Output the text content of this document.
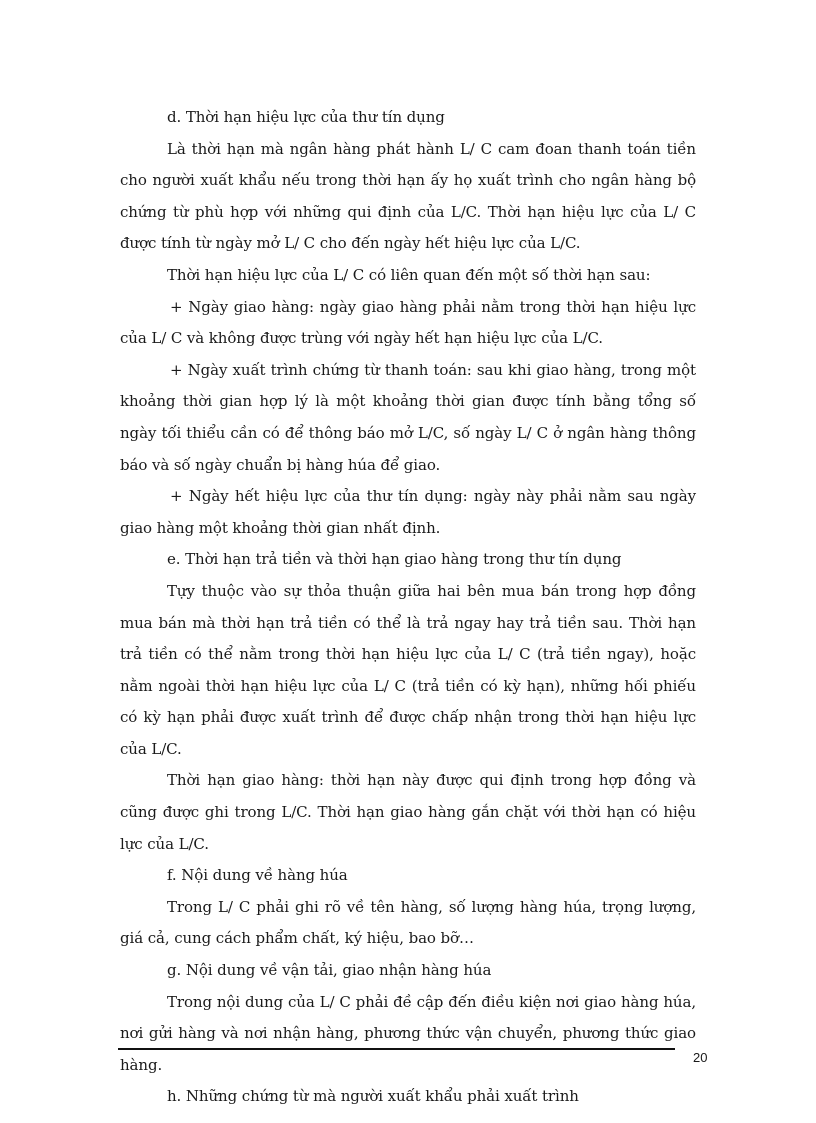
d. Thời hạn hiệu lực của thư tín dụng

Là thời hạn mà ngân hàng phát hành L/ C cam đoan thanh toán tiền cho người xuất khẩu nếu trong thời hạn ấy họ xuất trình cho ngân hàng bộ chứng từ phù hợp với những qui định của L/C. Thời hạn hiệu lực của L/ C được tính từ ngày mở L/ C cho đến ngày hết hiệu lực của L/C.

Thời hạn hiệu lực của L/ C có liên quan đến một số thời hạn sau:

+ Ngày giao hàng: ngày giao hàng phải nằm trong thời hạn hiệu lực của L/ C và không được trùng với ngày hết hạn hiệu lực của L/C.

+ Ngày xuất trình chứng từ thanh toán: sau khi giao hàng, trong một khoảng thời gian hợp lý là một khoảng thời gian được tính bằng tổng số ngày tối thiểu cần có để thông báo mở L/C, số ngày L/ C ở ngân hàng thông báo và số ngày chuẩn bị hàng húa để giao.

+ Ngày hết hiệu lực của thư tín dụng: ngày này phải nằm sau ngày giao hàng một khoảng thời gian nhất định.

e. Thời hạn trả tiền và thời hạn giao hàng trong thư tín dụng

Tựy thuộc vào sự thỏa thuận giữa hai bên mua bán trong hợp đồng mua bán mà thời hạn trả tiền có thể là trả ngay hay trả tiền sau. Thời hạn trả tiền có thể nằm trong thời hạn hiệu lực của L/ C (trả tiền ngay), hoặc nằm ngoài thời hạn hiệu lực của L/ C (trả tiền có kỳ hạn), những hối phiếu có kỳ hạn phải được xuất trình để được chấp nhận trong thời hạn hiệu lực của L/C.

Thời hạn giao hàng: thời hạn này được qui định trong hợp đồng và cũng được ghi trong L/C. Thời hạn giao hàng gắn chặt với thời hạn có hiệu lực của L/C.

f. Nội dung về hàng húa

Trong L/ C phải ghi rõ về tên hàng, số lượng hàng húa, trọng lượng, giá cả, cung cách phẩm chất, ký hiệu, bao bỡ…

g. Nội dung về vận tải, giao nhận hàng húa

Trong nội dung của L/ C phải đề cập đến điều kiện nơi giao hàng húa, nơi gửi hàng và nơi nhận hàng, phương thức vận chuyển, phương thức giao hàng.

h. Những chứng từ mà người xuất khẩu phải xuất trình

20
